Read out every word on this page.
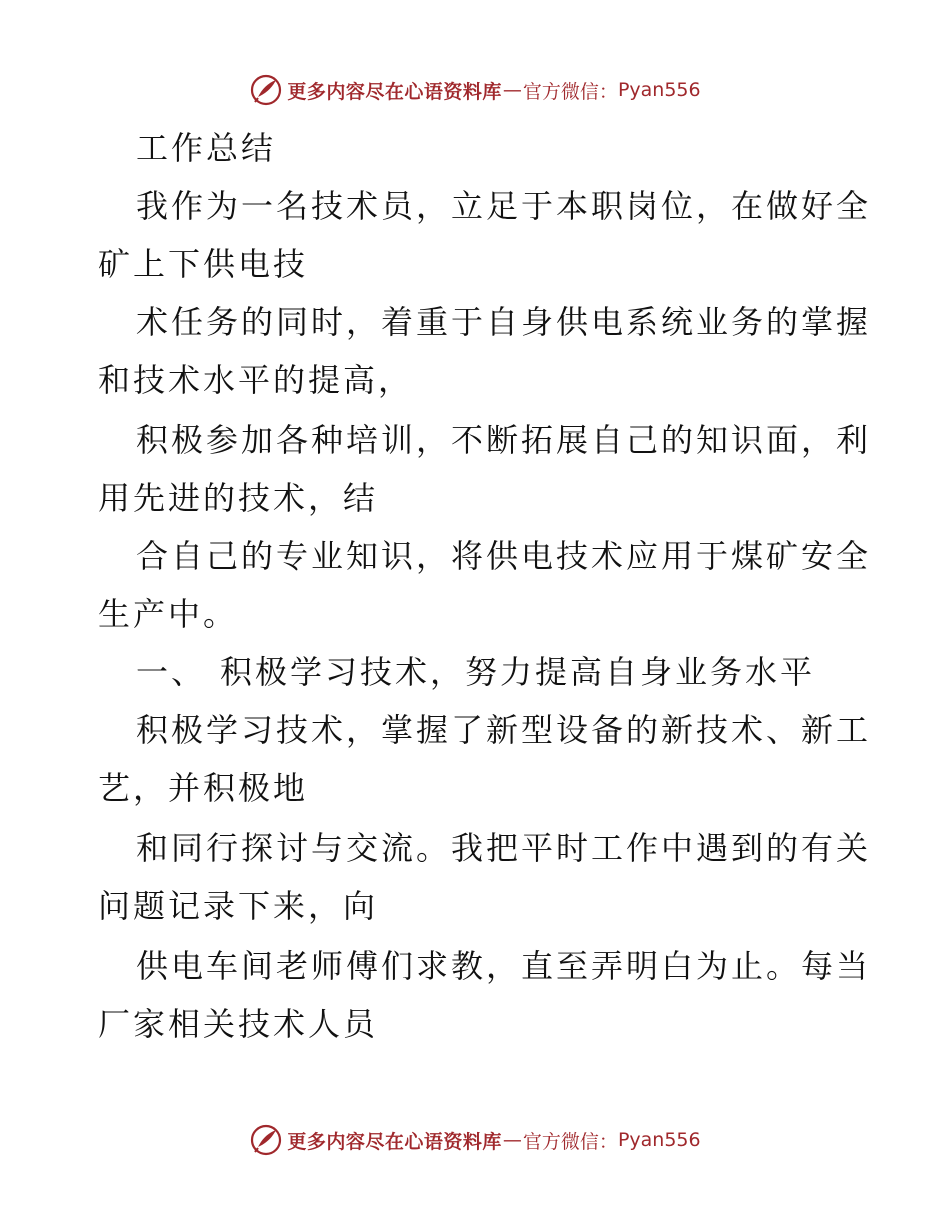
更多内容尽在心语资料库 — 官方微信： Pyan556
工作总结
我作为一名技术员，立足于本职岗位，在做好全
矿上下供电技
术任务的同时，着重于自身供电系统业务的掌握
和技术水平的提高，
积极参加各种培训，不断拓展自己的知识面，利
用先进的技术，结
合自己的专业知识，将供电技术应用于煤矿安全
生产中。
一、 积极学习技术，努力提高自身业务水平
积极学习技术，掌握了新型设备的新技术、新工
艺，并积极地
和同行探讨与交流。我把平时工作中遇到的有关
问题记录下来，向
供电车间老师傅们求教，直至弄明白为止。每当
厂家相关技术人员
更多内容尽在心语资料库 — 官方微信： Pyan556
